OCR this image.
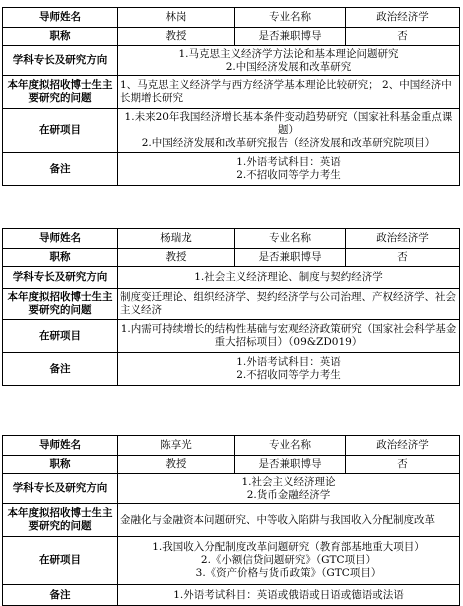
导师姓名	林岗	专业名称	政治经济学
职称	教授	是否兼职博导	否
学科专长及研究方向	1.马克思主义经济学方法论和基本理论问题研究
2.中国经济发展和改革研究		

本年度拟招收博士生主要研究的问题	1、马克思主义经济学与西方经济学基本理论比较研究； 2、中国经济中长期增长研究		

在研项目	1.未来20年我国经济增长基本条件变动趋势研究（国家社科基金重点课题）
2.中国经济发展和改革研究报告（经济发展和改革研究院项目）		

备注	1.外语考试科目：英语
2.不招收同等学力考生		
导师姓名	杨瑞龙	专业名称	政治经济学
职称	教授	是否兼职博导	否
学科专长及研究方向	1.社会主义经济理论、制度与契约经济学		

本年度拟招收博士生主要研究的问题	制度变迁理论、组织经济学、契约经济学与公司治理、产权经济学、社会主义经济		

在研项目	1.内需可持续增长的结构性基础与宏观经济政策研究（国家社会科学基金重大招标项目）（09&ZD019）		

备注	1.外语考试科目：英语
2.不招收同等学力考生		
导师姓名	陈享光	专业名称	政治经济学
职称	教授	是否兼职博导	否
学科专长及研究方向	1.社会主义经济理论
2.货币金融经济学		

本年度拟招收博士生主要研究的问题	金融化与金融资本问题研究、中等收入陷阱与我国收入分配制度改革		

在研项目	1.我国收入分配制度改革问题研究（教育部基地重大项目）
2.《小额信贷问题研究》（GTC项目）
3.《资产价格与货币政策》（GTC项目）		

备注	1.外语考试科目：英语或俄语或日语或德语或法语		
